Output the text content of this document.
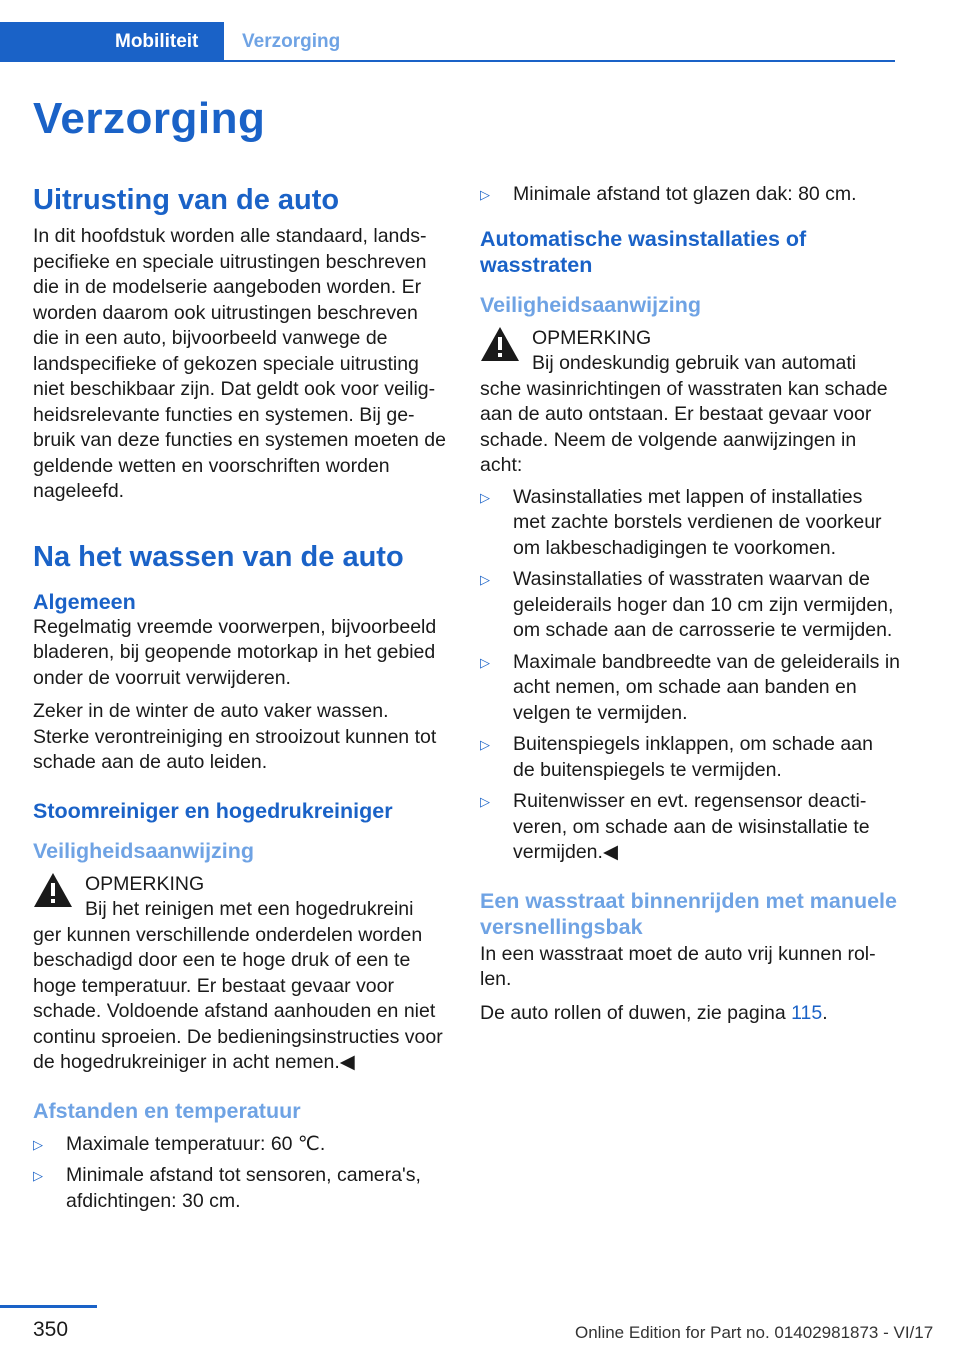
Mobiliteit	Verzorging
Verzorging
Uitrusting van de auto

In dit hoofdstuk worden alle standaard, landspecifieke en speciale uitrustingen beschreven die in de modelserie aangeboden worden. Er worden daarom ook uitrustingen beschreven die in een auto, bijvoorbeeld vanwege de landspecifieke of gekozen speciale uitrusting niet beschikbaar zijn. Dat geldt ook voor veiligheidsrelevante functies en systemen. Bij gebruik van deze functies en systemen moeten de geldende wetten en voorschriften worden nageleefd.

Na het wassen van de auto
Algemeen

Regelmatig vreemde voorwerpen, bijvoorbeeld bladeren, bij geopende motorkap in het gebied onder de voorruit verwijderen.

Zeker in de winter de auto vaker wassen. Sterke verontreiniging en strooizout kunnen tot schade aan de auto leiden.

Stoomreiniger en hogedrukreiniger
Veiligheidsaanwijzing

OPMERKING
Bij het reinigen met een hogedrukreini
ger kunnen verschillende onderdelen worden beschadigd door een te hoge druk of een te hoge temperatuur. Er bestaat gevaar voor schade. Voldoende afstand aanhouden en niet continu sproeien. De bedieningsinstructies voor de hogedrukreiniger in acht nemen.◀

Afstanden en temperatuur
▷ Maximale temperatuur: 60 ℃.
▷ Minimale afstand tot sensoren, camera's, afdichtingen: 30 cm.
▷ Minimale afstand tot glazen dak: 80 cm.
Automatische wasinstallaties of wasstraten
Veiligheidsaanwijzing

OPMERKING
Bij ondeskundig gebruik van automati
sche wasinrichtingen of wasstraten kan schade aan de auto ontstaan. Er bestaat gevaar voor schade. Neem de volgende aanwijzingen in acht:

▷ Wasinstallaties met lappen of installaties met zachte borstels verdienen de voorkeur om lakbeschadigingen te voorkomen.
▷ Wasinstallaties of wasstraten waarvan de geleiderails hoger dan 10 cm zijn vermijden, om schade aan de carrosserie te vermijden.
▷ Maximale bandbreedte van de geleiderails in acht nemen, om schade aan banden en velgen te vermijden.
▷ Buitenspiegels inklappen, om schade aan de buitenspiegels te vermijden.
▷ Ruitenwisser en evt. regensensor deactiveren, om schade aan de wisinstallatie te vermijden.◀
Een wasstraat binnenrijden met manuele versnellingsbak

In een wasstraat moet de auto vrij kunnen rollen.

De auto rollen of duwen, zie pagina 115.

350	Online Edition for Part no. 01402981873 - VI/17
